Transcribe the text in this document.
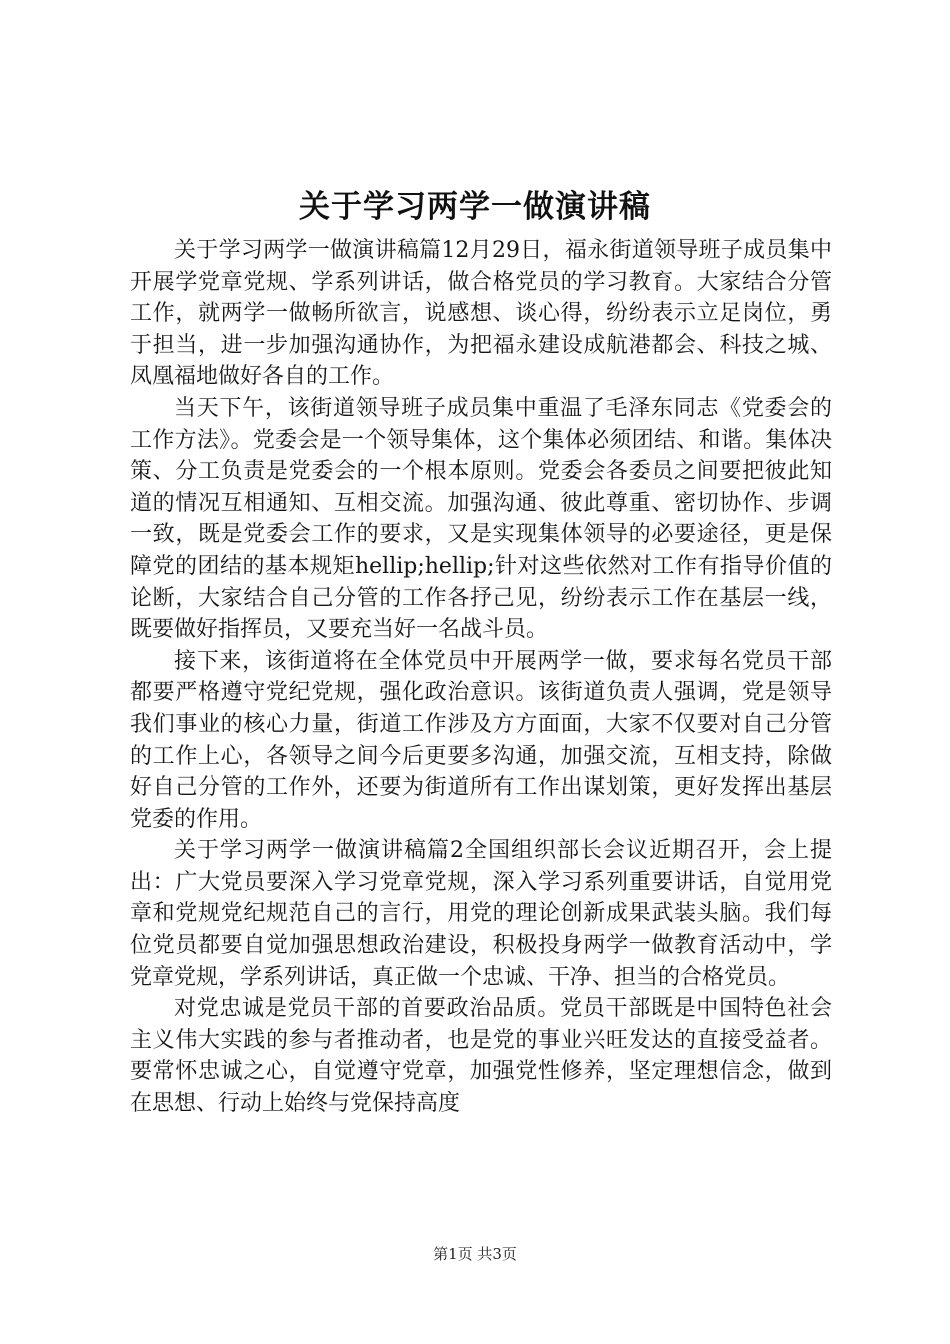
关于学习两学一做演讲稿

关于学习两学一做演讲稿篇12月29日，福永街道领导班子成员集中开展学党章党规、学系列讲话，做合格党员的学习教育。大家结合分管工作，就两学一做畅所欲言，说感想、谈心得，纷纷表示立足岗位，勇于担当，进一步加强沟通协作，为把福永建设成航港都会、科技之城、凤凰福地做好各自的工作。

当天下午，该街道领导班子成员集中重温了毛泽东同志《党委会的工作方法》。党委会是一个领导集体，这个集体必须团结、和谐。集体决策、分工负责是党委会的一个根本原则。党委会各委员之间要把彼此知道的情况互相通知、互相交流。加强沟通、彼此尊重、密切协作、步调一致，既是党委会工作的要求，又是实现集体领导的必要途径，更是保障党的团结的基本规矩hellip;hellip;针对这些依然对工作有指导价值的论断，大家结合自己分管的工作各抒己见，纷纷表示工作在基层一线，既要做好指挥员，又要充当好一名战斗员。

接下来，该街道将在全体党员中开展两学一做，要求每名党员干部都要严格遵守党纪党规，强化政治意识。该街道负责人强调，党是领导我们事业的核心力量，街道工作涉及方方面面，大家不仅要对自己分管的工作上心，各领导之间今后更要多沟通，加强交流，互相支持，除做好自己分管的工作外，还要为街道所有工作出谋划策，更好发挥出基层党委的作用。

关于学习两学一做演讲稿篇2全国组织部长会议近期召开，会上提出：广大党员要深入学习党章党规，深入学习系列重要讲话，自觉用党章和党规党纪规范自己的言行，用党的理论创新成果武装头脑。我们每位党员都要自觉加强思想政治建设，积极投身两学一做教育活动中，学党章党规，学系列讲话，真正做一个忠诚、干净、担当的合格党员。

对党忠诚是党员干部的首要政治品质。党员干部既是中国特色社会主义伟大实践的参与者推动者，也是党的事业兴旺发达的直接受益者。要常怀忠诚之心，自觉遵守党章，加强党性修养，坚定理想信念，做到在思想、行动上始终与党保持高度

第1页 共3页
